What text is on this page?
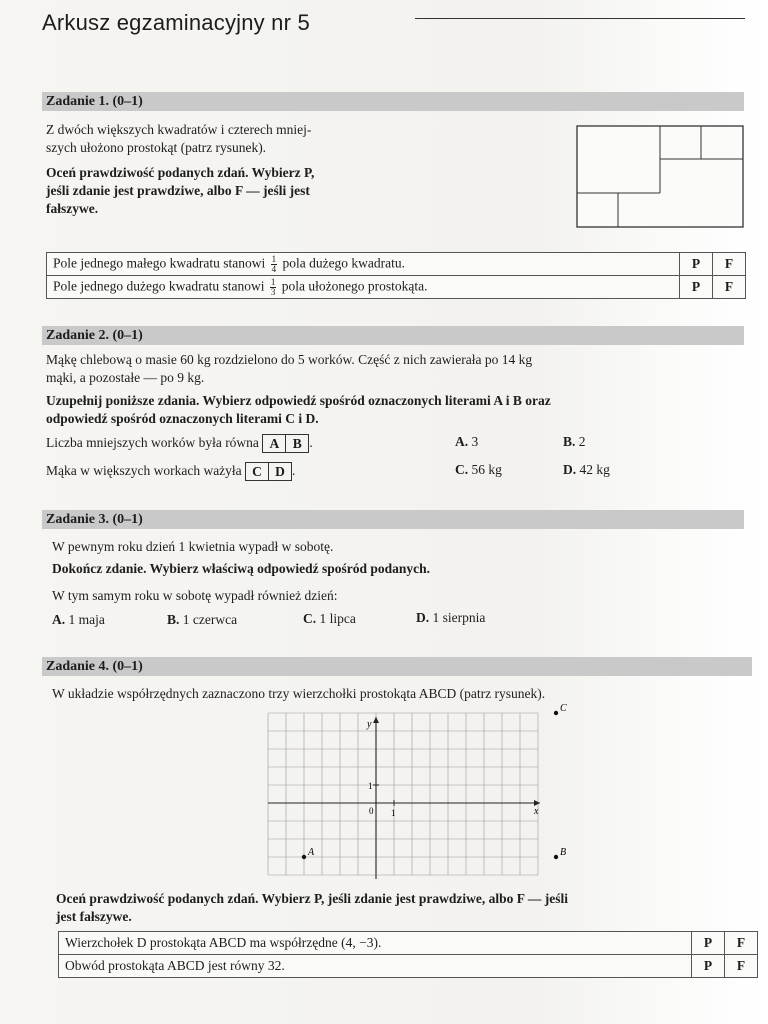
Arkusz egzaminacyjny nr 5
Zadanie 1. (0–1)
Z dwóch większych kwadratów i czterech mniej-
szych ułożono prostokąt (patrz rysunek).
Oceń prawdziwość podanych zdań. Wybierz P,
jeśli zdanie jest prawdziwe, albo F — jeśli jest
fałszywe.
Pole jednego małego kwadratu stanowi $\frac{1}{4}$ pola dużego kwadratu.	P	F
Pole jednego dużego kwadratu stanowi $\frac{1}{3}$ pola ułożonego prostokąta.	P	F
Zadanie 2. (0–1)
Mąkę chlebową o masie 60 kg rozdzielono do 5 worków. Część z nich zawierała po 14 kg
mąki, a pozostałe — po 9 kg.
Uzupełnij poniższe zdania. Wybierz odpowiedź spośród oznaczonych literami A i B oraz
odpowiedź spośród oznaczonych literami C i D.
Liczba mniejszych worków była równa A B .
Mąka w większych workach ważyła C D .
A. 3	B. 2
C. 56 kg	D. 42 kg
Zadanie 3. (0–1)
W pewnym roku dzień 1 kwietnia wypadł w sobotę.
Dokończ zdanie. Wybierz właściwą odpowiedź spośród podanych.
W tym samym roku w sobotę wypadł również dzień:
A. 1 maja	B. 1 czerwca	C. 1 lipca	D. 1 sierpnia
Zadanie 4. (0–1)
W układzie współrzędnych zaznaczono trzy wierzchołki prostokąta ABCD (patrz rysunek).
y
x
0 1
1
A	B
C
Oceń prawdziwość podanych zdań. Wybierz P, jeśli zdanie jest prawdziwe, albo F — jeśli
jest fałszywe.
Wierzchołek D prostokąta ABCD ma współrzędne (4, −3).	P	F
Obwód prostokąta ABCD jest równy 32.	P	F
